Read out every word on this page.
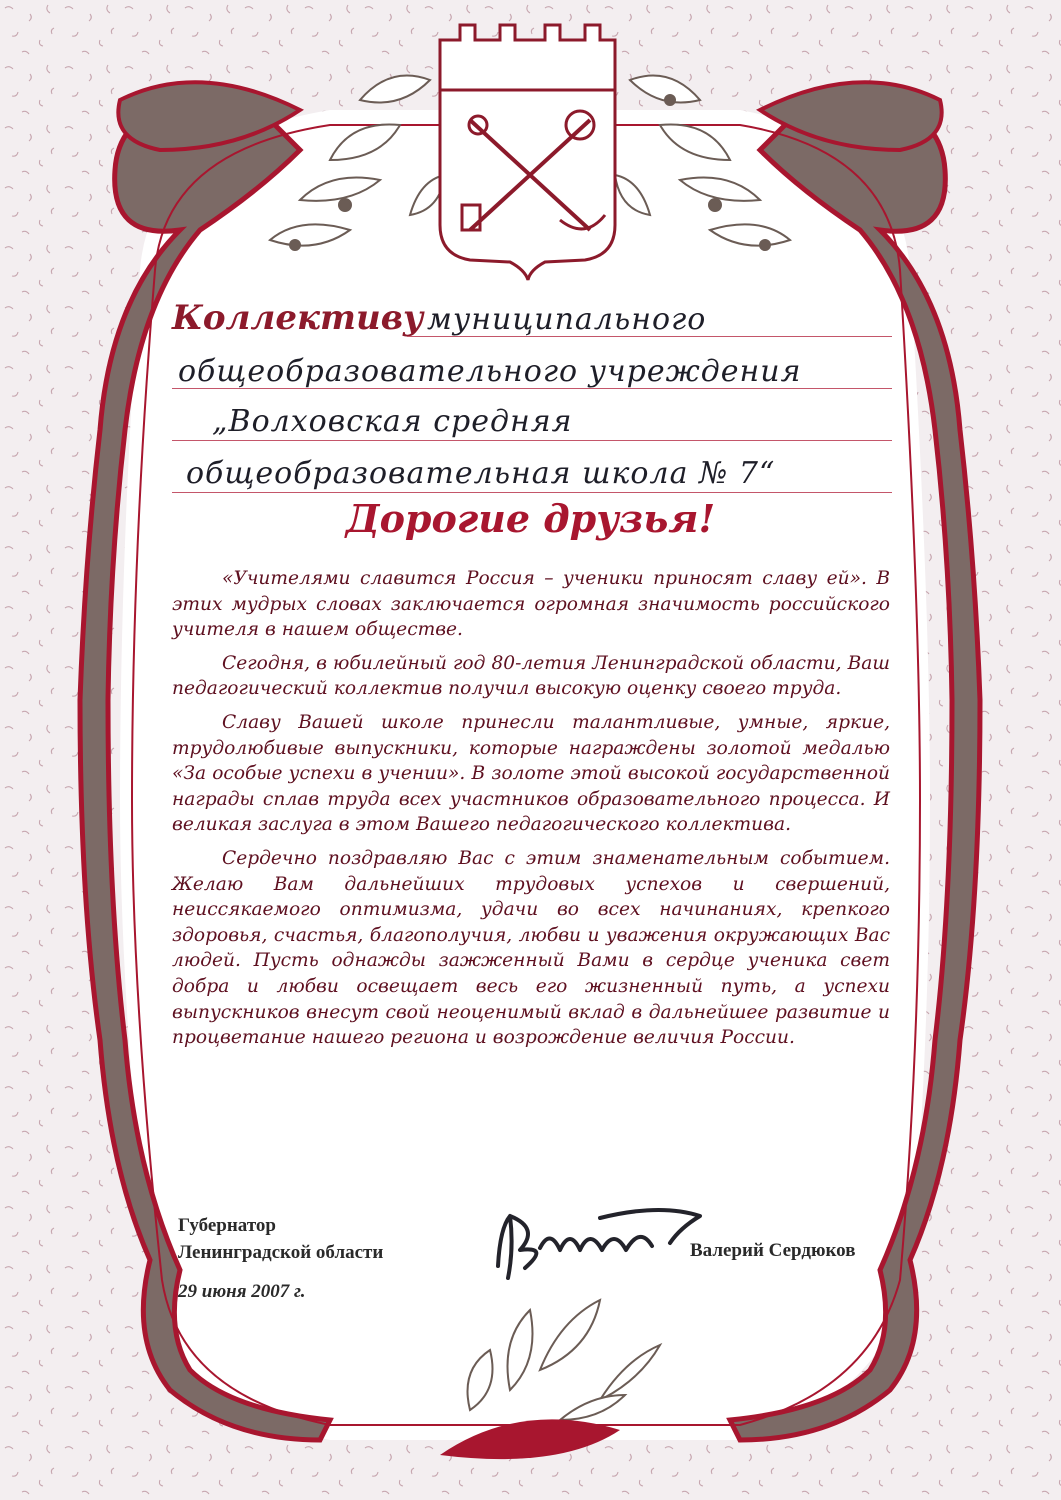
Коллективу муниципального
общеобразовательного учреждения
„Волховская средняя
общеобразовательная школа № 7“
Дорогие друзья!

«Учителями славится Россия – ученики приносят славу ей». В этих мудрых словах заключается огромная значимость российского учителя в нашем обществе.

Сегодня, в юбилейный год 80-летия Ленинградской области, Ваш педагогический коллектив получил высокую оценку своего труда.

Славу Вашей школе принесли талантливые, умные, яркие, трудолюбивые выпускники, которые награждены золотой медалью «За особые успехи в учении». В золоте этой высокой государственной награды сплав труда всех участников образовательного процесса. И великая заслуга в этом Вашего педагогического коллектива.

Сердечно поздравляю Вас с этим знаменательным событием. Желаю Вам дальнейших трудовых успехов и свершений, неиссякаемого оптимизма, удачи во всех начинаниях, крепкого здоровья, счастья, благополучия, любви и уважения окружающих Вас людей. Пусть однажды зажженный Вами в сердце ученика свет добра и любви освещает весь его жизненный путь, а успехи выпускников внесут свой неоценимый вклад в дальнейшее развитие и процветание нашего региона и возрождение величия России.

Губернатор
Ленинградской области
29 июня 2007 г.
Валерий Сердюков
